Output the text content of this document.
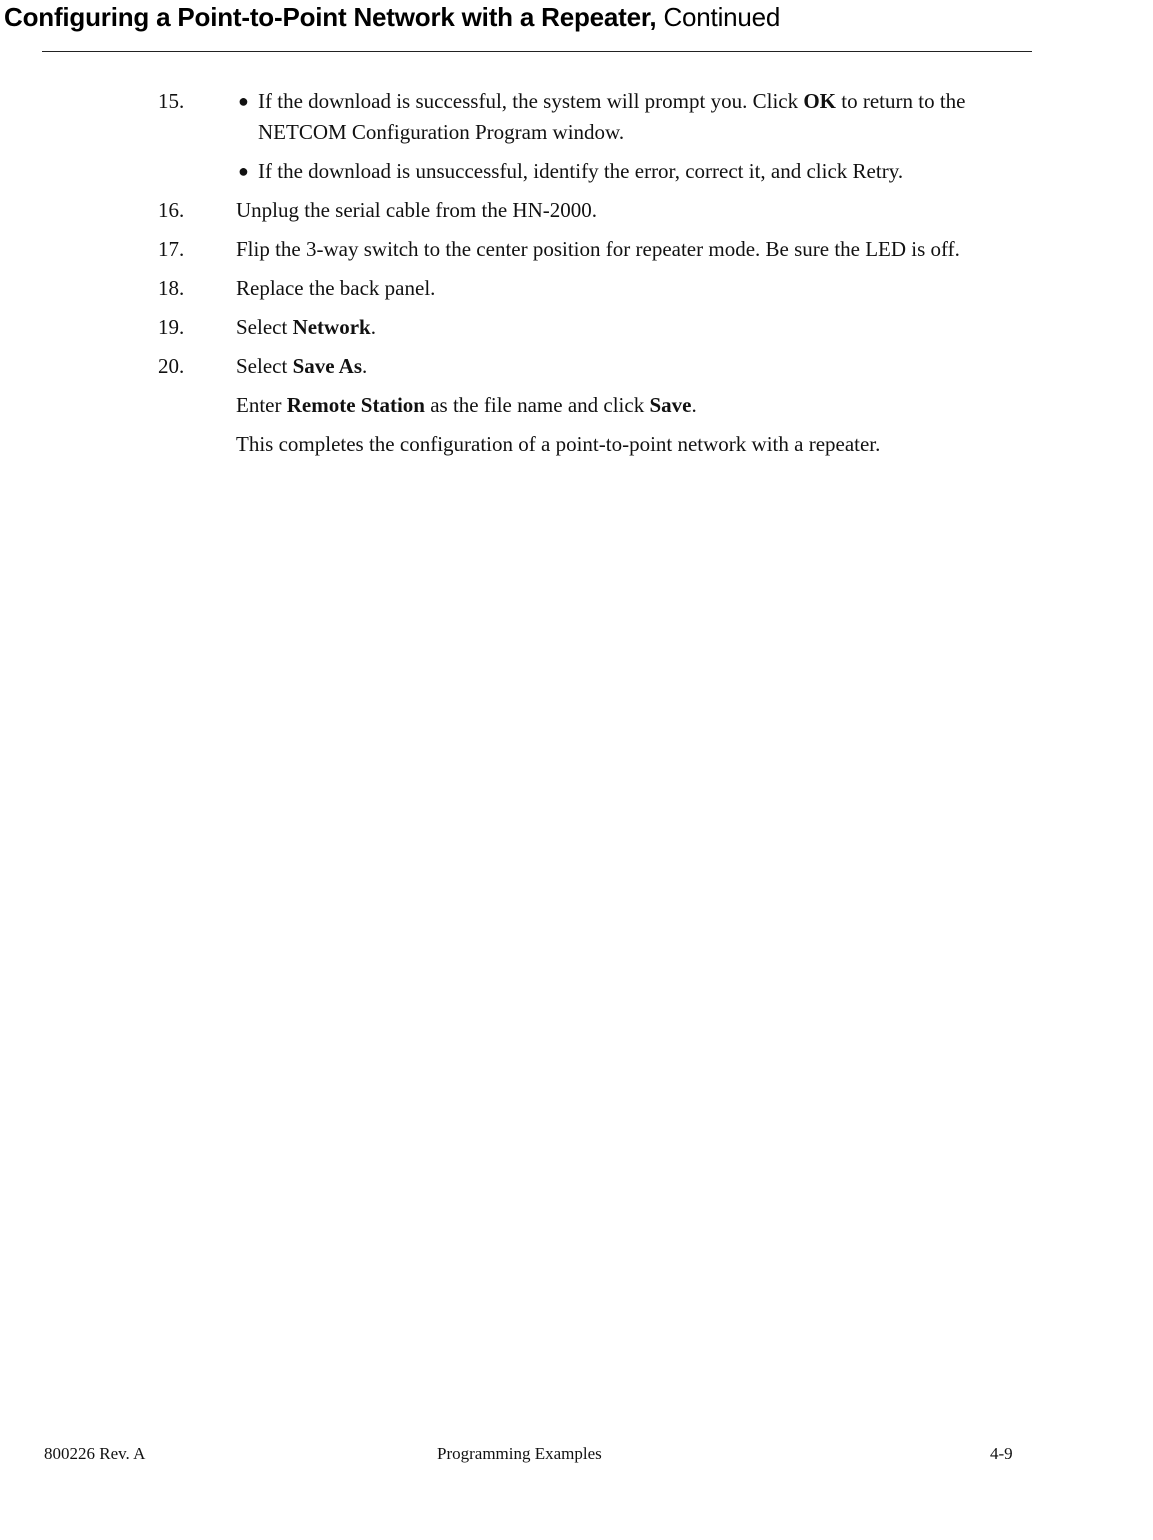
Configuring a Point-to-Point Network with a Repeater, Continued
15.	● If the download is successful, the system will prompt you. Click OK to return to the NETCOM Configuration Program window.
● If the download is unsuccessful, identify the error, correct it, and click Retry.
16.	Unplug the serial cable from the HN-2000.
17.	Flip the 3-way switch to the center position for repeater mode. Be sure the LED is off.
18.	Replace the back panel.
19.	Select Network.
20.	Select Save As.

Enter Remote Station as the file name and click Save.

This completes the configuration of a point-to-point network with a repeater.

800226 Rev. A	Programming Examples	4-9
